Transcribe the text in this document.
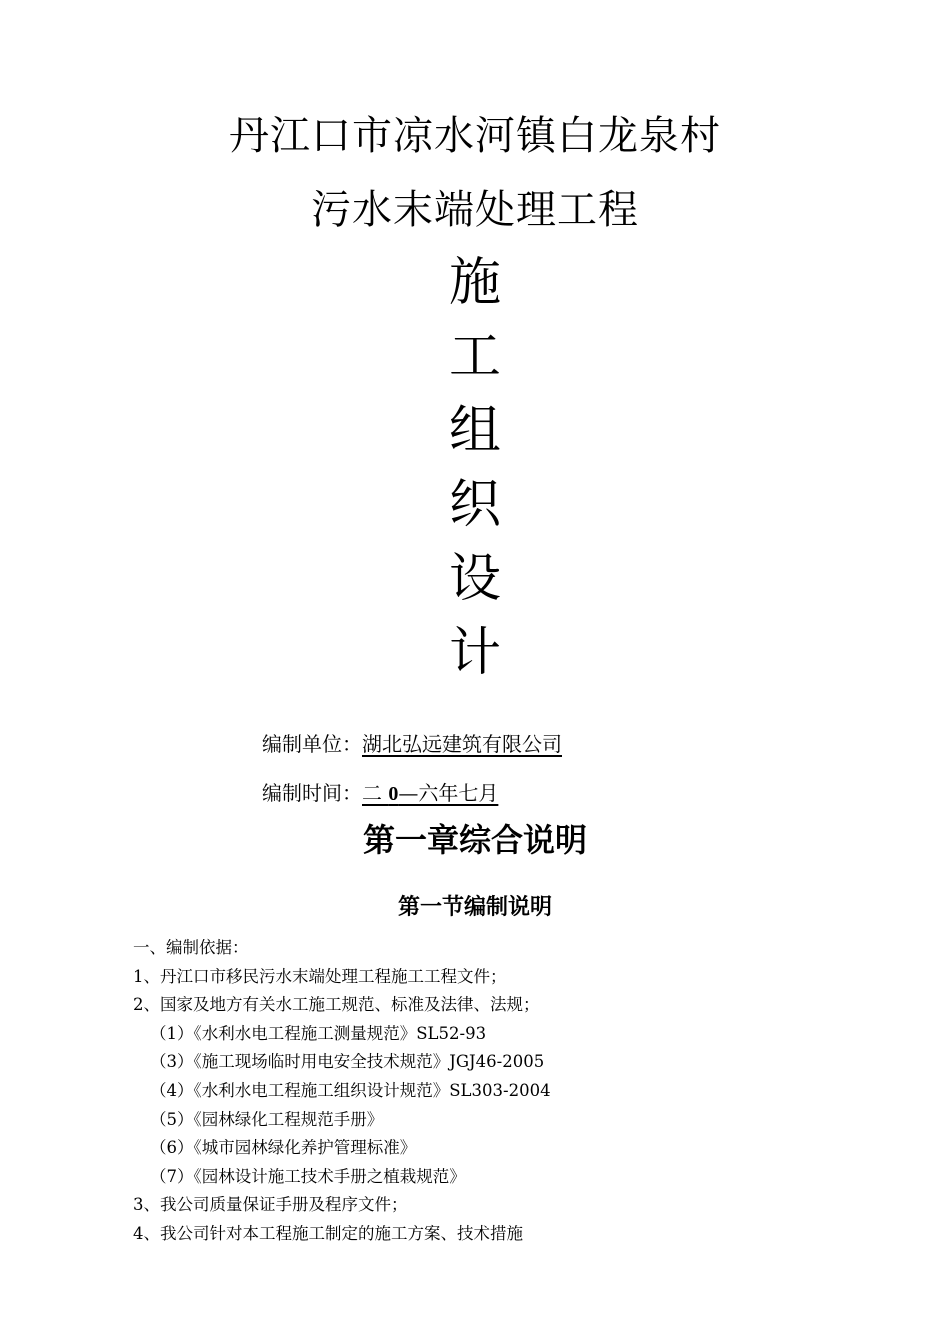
丹江口市凉水河镇白龙泉村
污水末端处理工程
施
工
组
织
设
计
编制单位：湖北弘远建筑有限公司
编制时间：二 0—六年七月
第一章综合说明
第一节编制说明
一、编制依据：
1、丹江口市移民污水末端处理工程施工工程文件；
2、国家及地方有关水工施工规范、标准及法律、法规；
（1）《水利水电工程施工测量规范》SL52-93
（3）《施工现场临时用电安全技术规范》JGJ46-2005
（4）《水利水电工程施工组织设计规范》SL303-2004
（5）《园林绿化工程规范手册》
（6）《城市园林绿化养护管理标准》
（7）《园林设计施工技术手册之植栽规范》
3、我公司质量保证手册及程序文件；
4、我公司针对本工程施工制定的施工方案、技术措施
